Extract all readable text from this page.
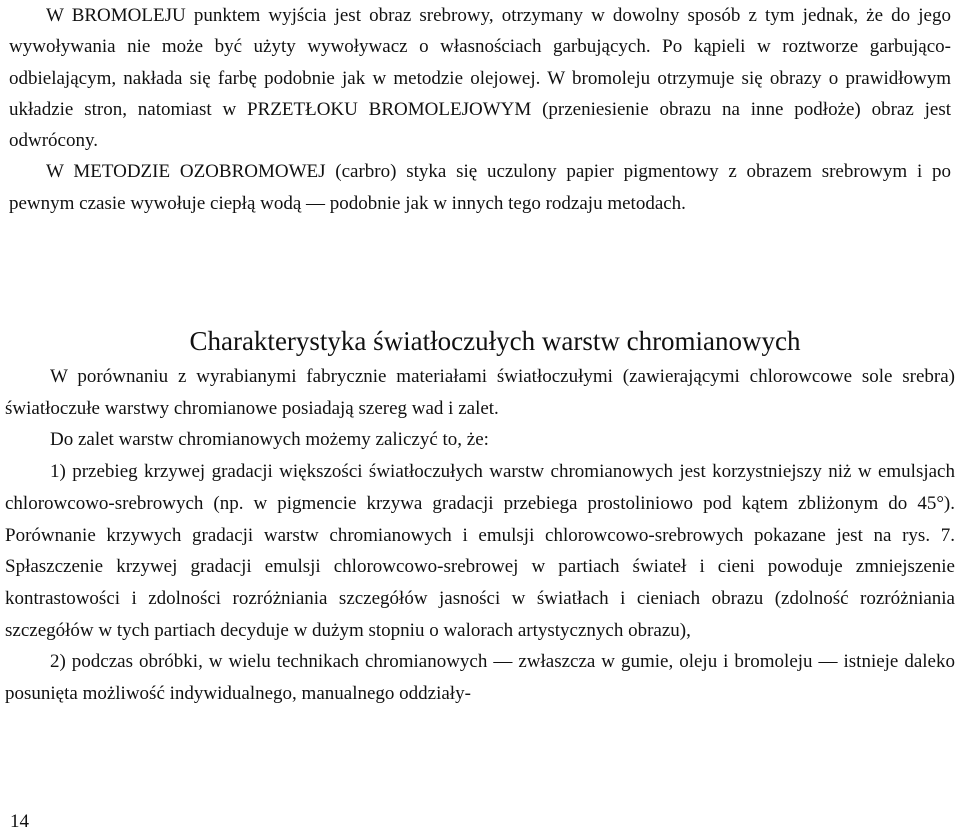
W BROMOLEJU punktem wyjścia jest obraz srebrowy, otrzymany w dowolny sposób z tym jednak, że do jego wywoływania nie może być użyty wywoływacz o własnościach garbujących. Po kąpieli w roztworze garbująco-odbielającym, nakłada się farbę podobnie jak w metodzie olejowej. W bromoleju otrzymuje się obrazy o prawidłowym układzie stron, natomiast w PRZETŁOKU BROMOLEJOWYM (przeniesienie obrazu na inne podłoże) obraz jest odwrócony.

W METODZIE OZOBROMOWEJ (carbro) styka się uczulony papier pigmentowy z obrazem srebrowym i po pewnym czasie wywołuje ciepłą wodą — podobnie jak w innych tego rodzaju metodach.

Charakterystyka światłoczułych warstw chromianowych

W porównaniu z wyrabianymi fabrycznie materiałami światłoczułymi (zawierającymi chlorowcowe sole srebra) światłoczułe warstwy chromianowe posiadają szereg wad i zalet.

Do zalet warstw chromianowych możemy zaliczyć to, że:

1) przebieg krzywej gradacji większości światłoczułych warstw chromianowych jest korzystniejszy niż w emulsjach chlorowcowo-srebrowych (np. w pigmencie krzywa gradacji przebiega prostoliniowo pod kątem zbliżonym do 45°). Porównanie krzywych gradacji warstw chromianowych i emulsji chlorowcowo-srebrowych pokazane jest na rys. 7. Spłaszczenie krzywej gradacji emulsji chlorowcowo-srebrowej w partiach świateł i cieni powoduje zmniejszenie kontrastowości i zdolności rozróżniania szczegółów jasności w światłach i cieniach obrazu (zdolność rozróżniania szczegółów w tych partiach decyduje w dużym stopniu o walorach artystycznych obrazu),

2) podczas obróbki, w wielu technikach chromianowych — zwłaszcza w gumie, oleju i bromoleju — istnieje daleko posunięta możliwość indywidualnego, manualnego oddziały-

14
